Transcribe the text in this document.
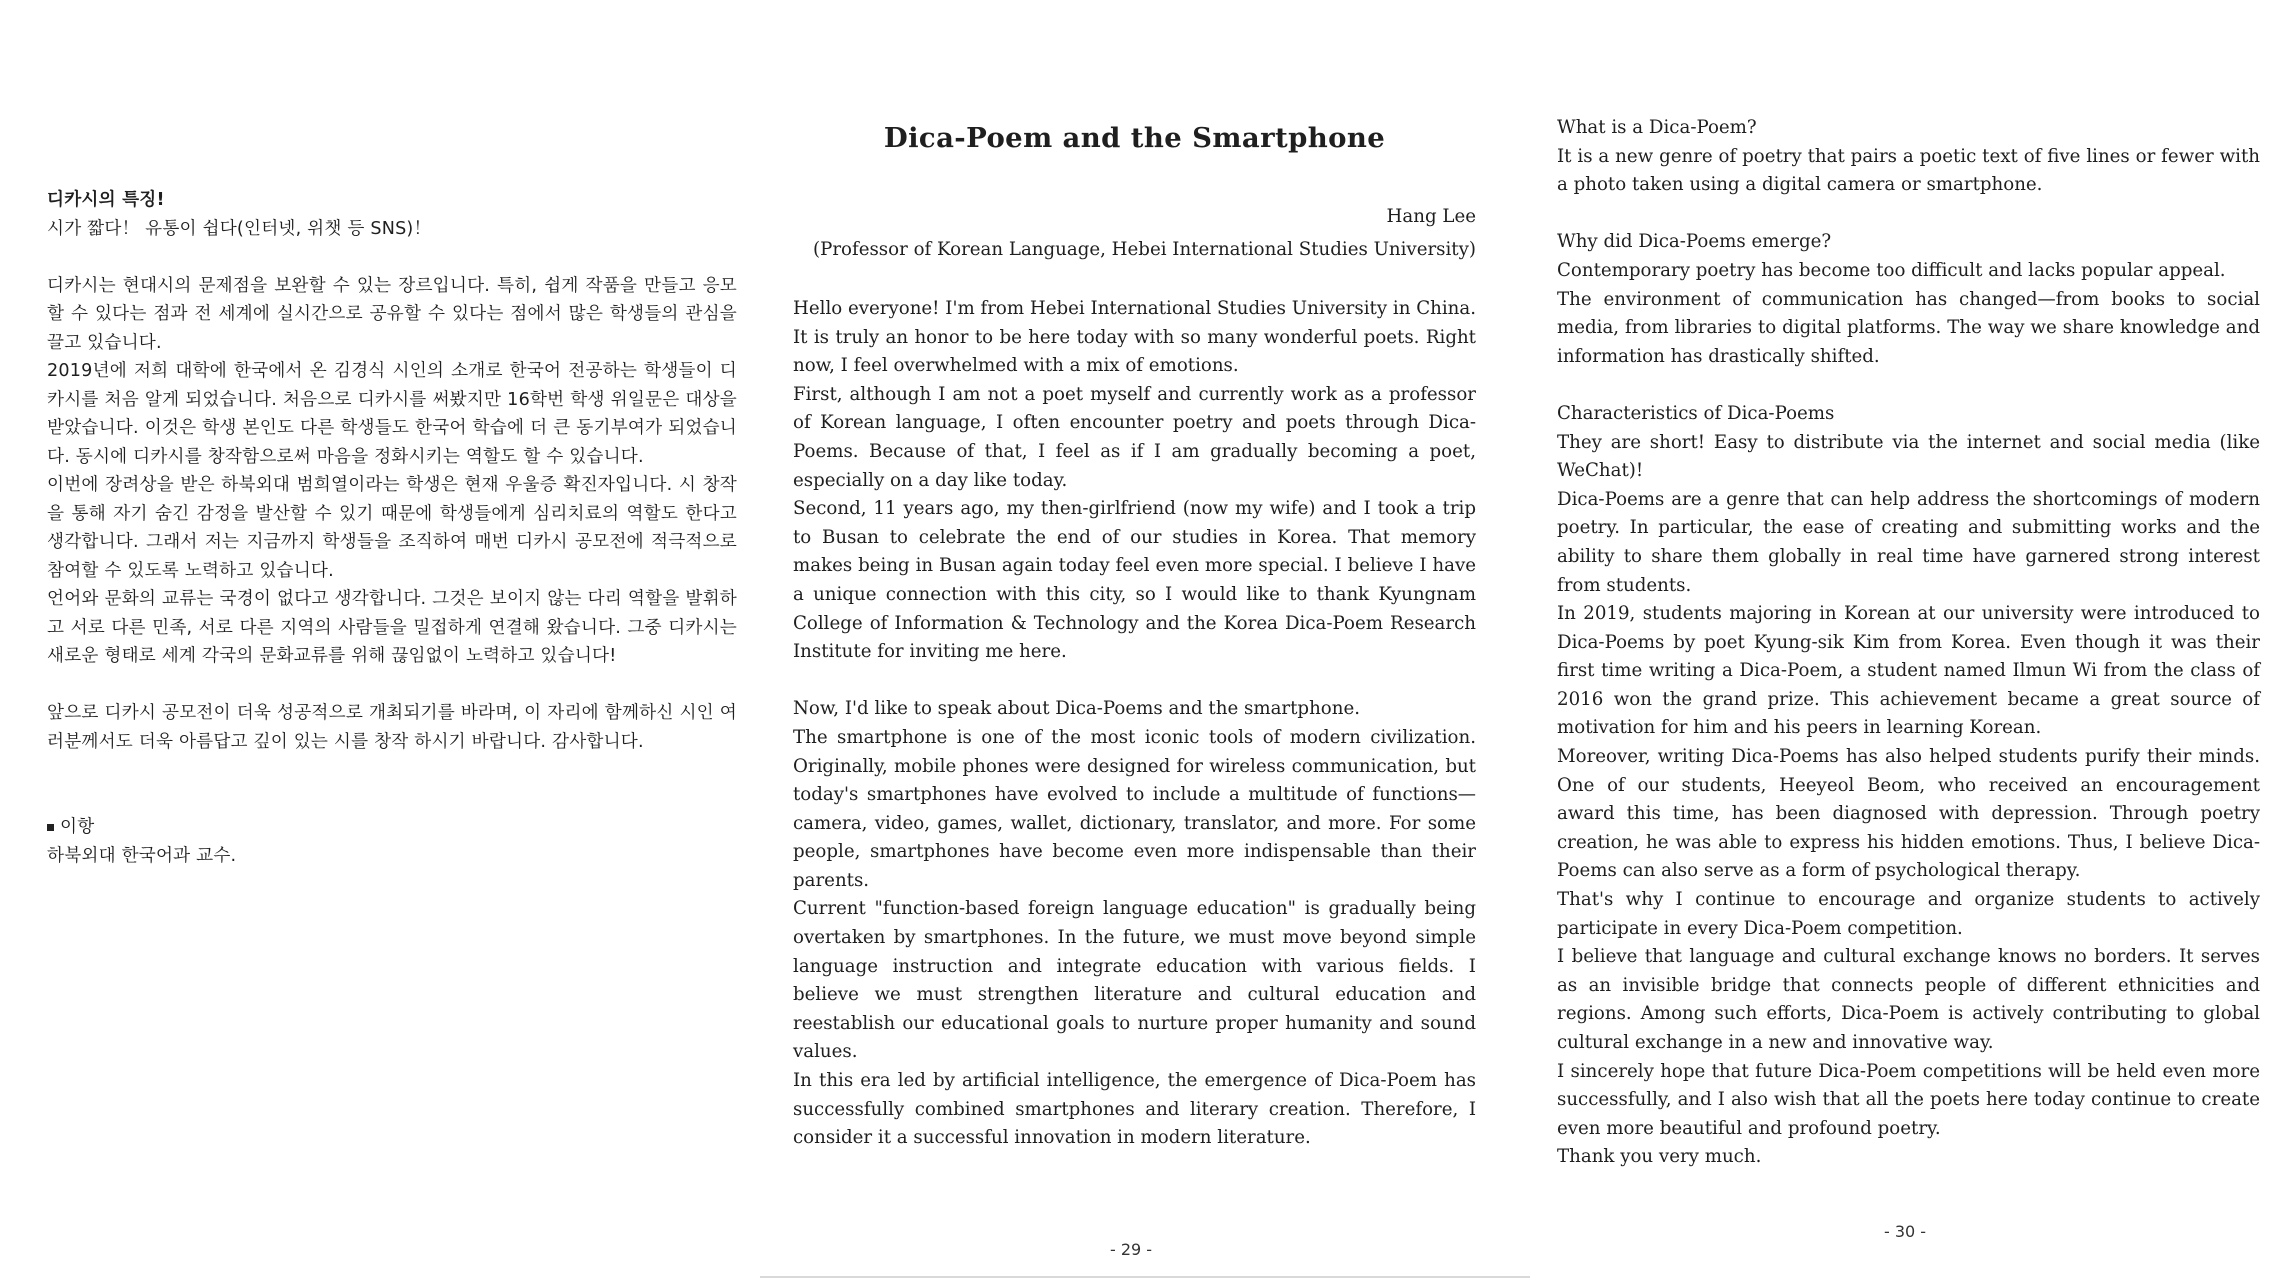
디카시의 특징!

시가 짧다！ 유통이 쉽다(인터넷, 위챗 등 SNS)！

디카시는 현대시의 문제점을 보완할 수 있는 장르입니다. 특히, 쉽게 작품을 만들고 응모할 수 있다는 점과 전 세계에 실시간으로 공유할 수 있다는 점에서 많은 학생들의 관심을 끌고 있습니다.

2019년에 저희 대학에 한국에서 온 김경식 시인의 소개로 한국어 전공하는 학생들이 디카시를 처음 알게 되었습니다. 처음으로 디카시를 써봤지만 16학번 학생 위일문은 대상을 받았습니다. 이것은 학생 본인도 다른 학생들도 한국어 학습에 더 큰 동기부여가 되었습니다. 동시에 디카시를 창작함으로써 마음을 정화시키는 역할도 할 수 있습니다.

이번에 장려상을 받은 하북외대 범희열이라는 학생은 현재 우울증 확진자입니다. 시 창작을 통해 자기 숨긴 감정을 발산할 수 있기 때문에 학생들에게 심리치료의 역할도 한다고 생각합니다. 그래서 저는 지금까지 학생들을 조직하여 매번 디카시 공모전에 적극적으로 참여할 수 있도록 노력하고 있습니다.

언어와 문화의 교류는 국경이 없다고 생각합니다. 그것은 보이지 않는 다리 역할을 발휘하고 서로 다른 민족, 서로 다른 지역의 사람들을 밀접하게 연결해 왔습니다. 그중 디카시는 새로운 형태로 세계 각국의 문화교류를 위해 끊임없이 노력하고 있습니다!

앞으로 디카시 공모전이 더욱 성공적으로 개최되기를 바라며, 이 자리에 함께하신 시인 여러분께서도 더욱 아름답고 깊이 있는 시를 창작 하시기 바랍니다. 감사합니다.

이항

하북외대 한국어과 교수.

Dica-Poem and the Smartphone

Hang Lee

(Professor of Korean Language, Hebei International Studies University)

Hello everyone! I'm from Hebei International Studies University in China. It is truly an honor to be here today with so many wonderful poets. Right now, I feel overwhelmed with a mix of emotions.

First, although I am not a poet myself and currently work as a professor of Korean language, I often encounter poetry and poets through Dica-Poems. Because of that, I feel as if I am gradually becoming a poet, especially on a day like today.

Second, 11 years ago, my then-girlfriend (now my wife) and I took a trip to Busan to celebrate the end of our studies in Korea. That memory makes being in Busan again today feel even more special. I believe I have a unique connection with this city, so I would like to thank Kyungnam College of Information & Technology and the Korea Dica-Poem Research Institute for inviting me here.

Now, I'd like to speak about Dica-Poems and the smartphone.

The smartphone is one of the most iconic tools of modern civilization. Originally, mobile phones were designed for wireless communication, but today's smartphones have evolved to include a multitude of functions—camera, video, games, wallet, dictionary, translator, and more. For some people, smartphones have become even more indispensable than their parents.

Current "function-based foreign language education" is gradually being overtaken by smartphones. In the future, we must move beyond simple language instruction and integrate education with various fields. I believe we must strengthen literature and cultural education and reestablish our educational goals to nurture proper humanity and sound values.

In this era led by artificial intelligence, the emergence of Dica-Poem has successfully combined smartphones and literary creation. Therefore, I consider it a successful innovation in modern literature.

What is a Dica-Poem?

It is a new genre of poetry that pairs a poetic text of five lines or fewer with a photo taken using a digital camera or smartphone.

Why did Dica-Poems emerge?

Contemporary poetry has become too difficult and lacks popular appeal.

The environment of communication has changed—from books to social media, from libraries to digital platforms. The way we share knowledge and information has drastically shifted.

Characteristics of Dica-Poems

They are short! Easy to distribute via the internet and social media (like WeChat)!

Dica-Poems are a genre that can help address the shortcomings of modern poetry. In particular, the ease of creating and submitting works and the ability to share them globally in real time have garnered strong interest from students.

In 2019, students majoring in Korean at our university were introduced to Dica-Poems by poet Kyung-sik Kim from Korea. Even though it was their first time writing a Dica-Poem, a student named Ilmun Wi from the class of 2016 won the grand prize. This achievement became a great source of motivation for him and his peers in learning Korean.

Moreover, writing Dica-Poems has also helped students purify their minds. One of our students, Heeyeol Beom, who received an encouragement award this time, has been diagnosed with depression. Through poetry creation, he was able to express his hidden emotions. Thus, I believe Dica-Poems can also serve as a form of psychological therapy.

That's why I continue to encourage and organize students to actively participate in every Dica-Poem competition.

I believe that language and cultural exchange knows no borders. It serves as an invisible bridge that connects people of different ethnicities and regions. Among such efforts, Dica-Poem is actively contributing to global cultural exchange in a new and innovative way.

I sincerely hope that future Dica-Poem competitions will be held even more successfully, and I also wish that all the poets here today continue to create even more beautiful and profound poetry.

Thank you very much.

- 29 -
- 30 -
